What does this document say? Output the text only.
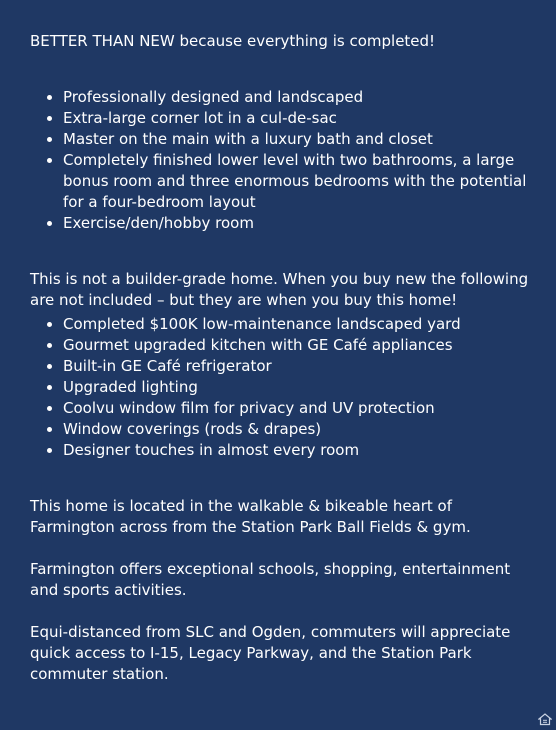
BETTER THAN NEW because everything is completed!

• Professionally designed and landscaped
• Extra-large corner lot in a cul-de-sac
• Master on the main with a luxury bath and closet
• Completely finished lower level with two bathrooms, a large bonus room and three enormous bedrooms with the potential for a four-bedroom layout
• Exercise/den/hobby room

This is not a builder-grade home. When you buy new the following are not included – but they are when you buy this home!

• Completed $100K low-maintenance landscaped yard
• Gourmet upgraded kitchen with GE Café appliances
• Built-in GE Café refrigerator
• Upgraded lighting
• Coolvu window film for privacy and UV protection
• Window coverings (rods & drapes)
• Designer touches in almost every room

This home is located in the walkable & bikeable heart of Farmington across from the Station Park Ball Fields & gym.

Farmington offers exceptional schools, shopping, entertainment and sports activities.

Equi-distanced from SLC and Ogden, commuters will appreciate quick access to I-15, Legacy Parkway, and the Station Park commuter station.
